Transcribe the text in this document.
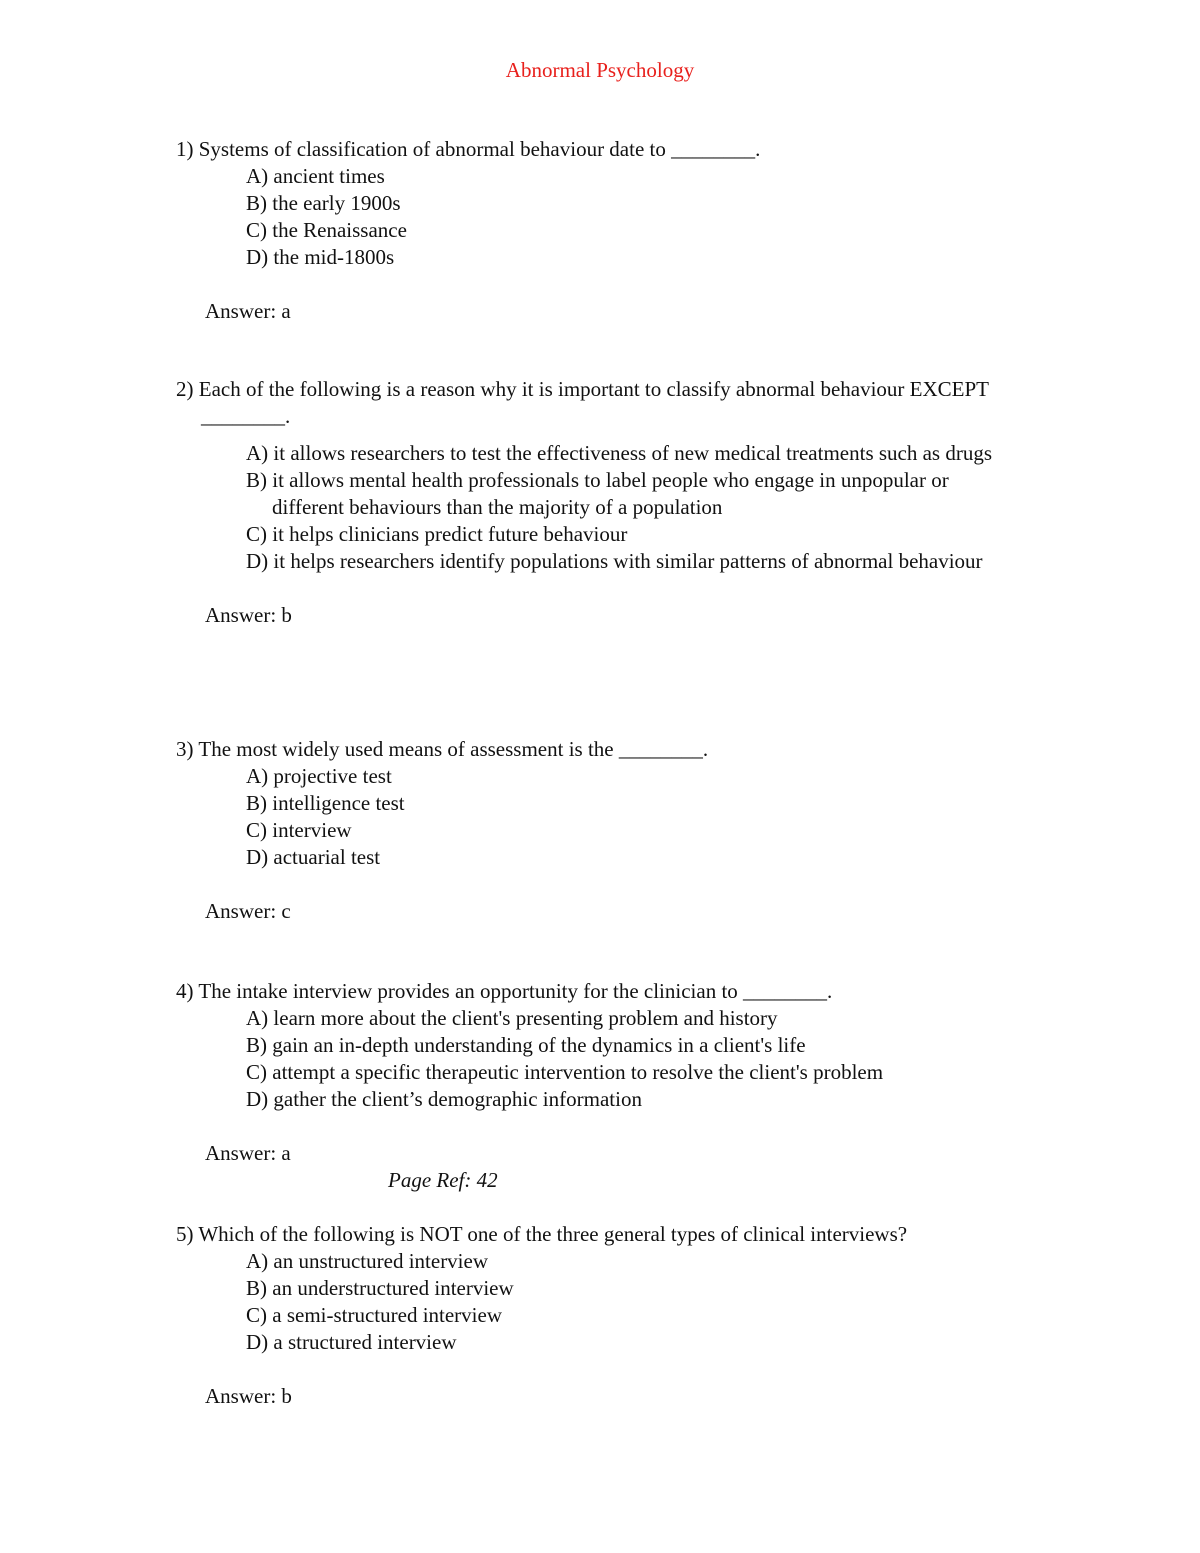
Abnormal Psychology
1) Systems of classification of abnormal behaviour date to ________.
A) ancient times
B) the early 1900s
C) the Renaissance
D) the mid-1800s
Answer: a
2) Each of the following is a reason why it is important to classify abnormal behaviour EXCEPT ________.
A) it allows researchers to test the effectiveness of new medical treatments such as drugs
B) it allows mental health professionals to label people who engage in unpopular or different behaviours than the majority of a population
C) it helps clinicians predict future behaviour
D) it helps researchers identify populations with similar patterns of abnormal behaviour
Answer: b
3) The most widely used means of assessment is the ________.
A) projective test
B) intelligence test
C) interview
D) actuarial test
Answer: c
4) The intake interview provides an opportunity for the clinician to ________.
A) learn more about the client's presenting problem and history
B) gain an in-depth understanding of the dynamics in a client's life
C) attempt a specific therapeutic intervention to resolve the client's problem
D) gather the client’s demographic information
Answer: a
Page Ref: 42
5) Which of the following is NOT one of the three general types of clinical interviews?
A) an unstructured interview
B) an understructured interview
C) a semi-structured interview
D) a structured interview
Answer: b
